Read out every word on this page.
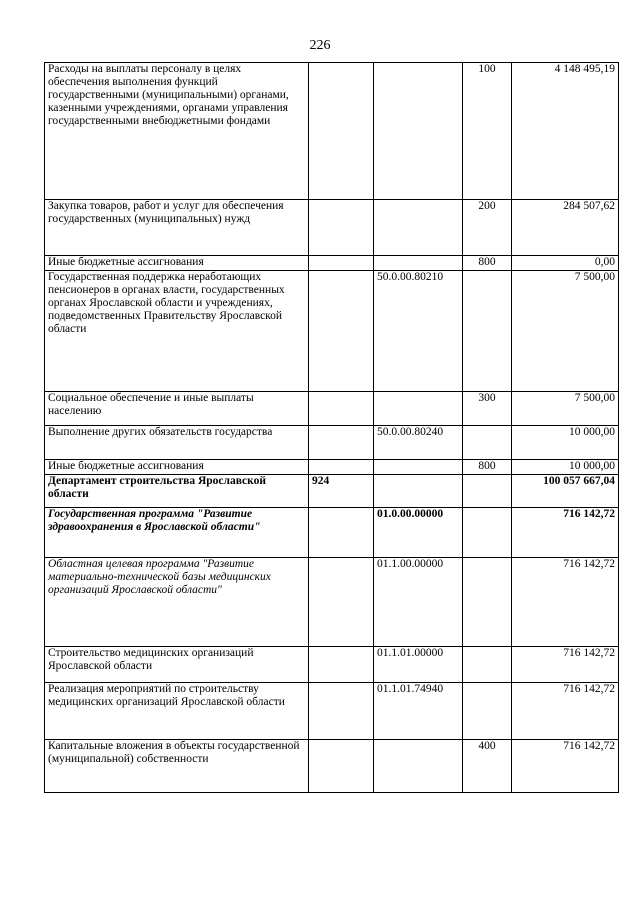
226
Расходы на выплаты персоналу в целях обеспечения выполнения функций государственными (муниципальными) органами, казенными учреждениями, органами управления государственными внебюджетными фондами			100	4 148 495,19
Закупка товаров, работ и услуг для обеспечения государственных (муниципальных) нужд			200	284 507,62
Иные бюджетные ассигнования			800	0,00
Государственная поддержка неработающих пенсионеров в органах власти, государственных органах Ярославской области и учреждениях, подведомственных Правительству Ярославской области		50.0.00.80210		7 500,00
Социальное обеспечение и иные выплаты населению			300	7 500,00
Выполнение других обязательств государства		50.0.00.80240		10 000,00
Иные бюджетные ассигнования			800	10 000,00
Департамент строительства Ярославской области	924			100 057 667,04
Государственная программа "Развитие здравоохранения в Ярославской области"		01.0.00.00000		716 142,72
Областная целевая программа "Развитие материально-технической базы медицинских организаций Ярославской области"		01.1.00.00000		716 142,72
Строительство медицинских организаций Ярославской области		01.1.01.00000		716 142,72
Реализация мероприятий по строительству медицинских организаций Ярославской области		01.1.01.74940		716 142,72
Капитальные вложения в объекты государственной (муниципальной) собственности			400	716 142,72
